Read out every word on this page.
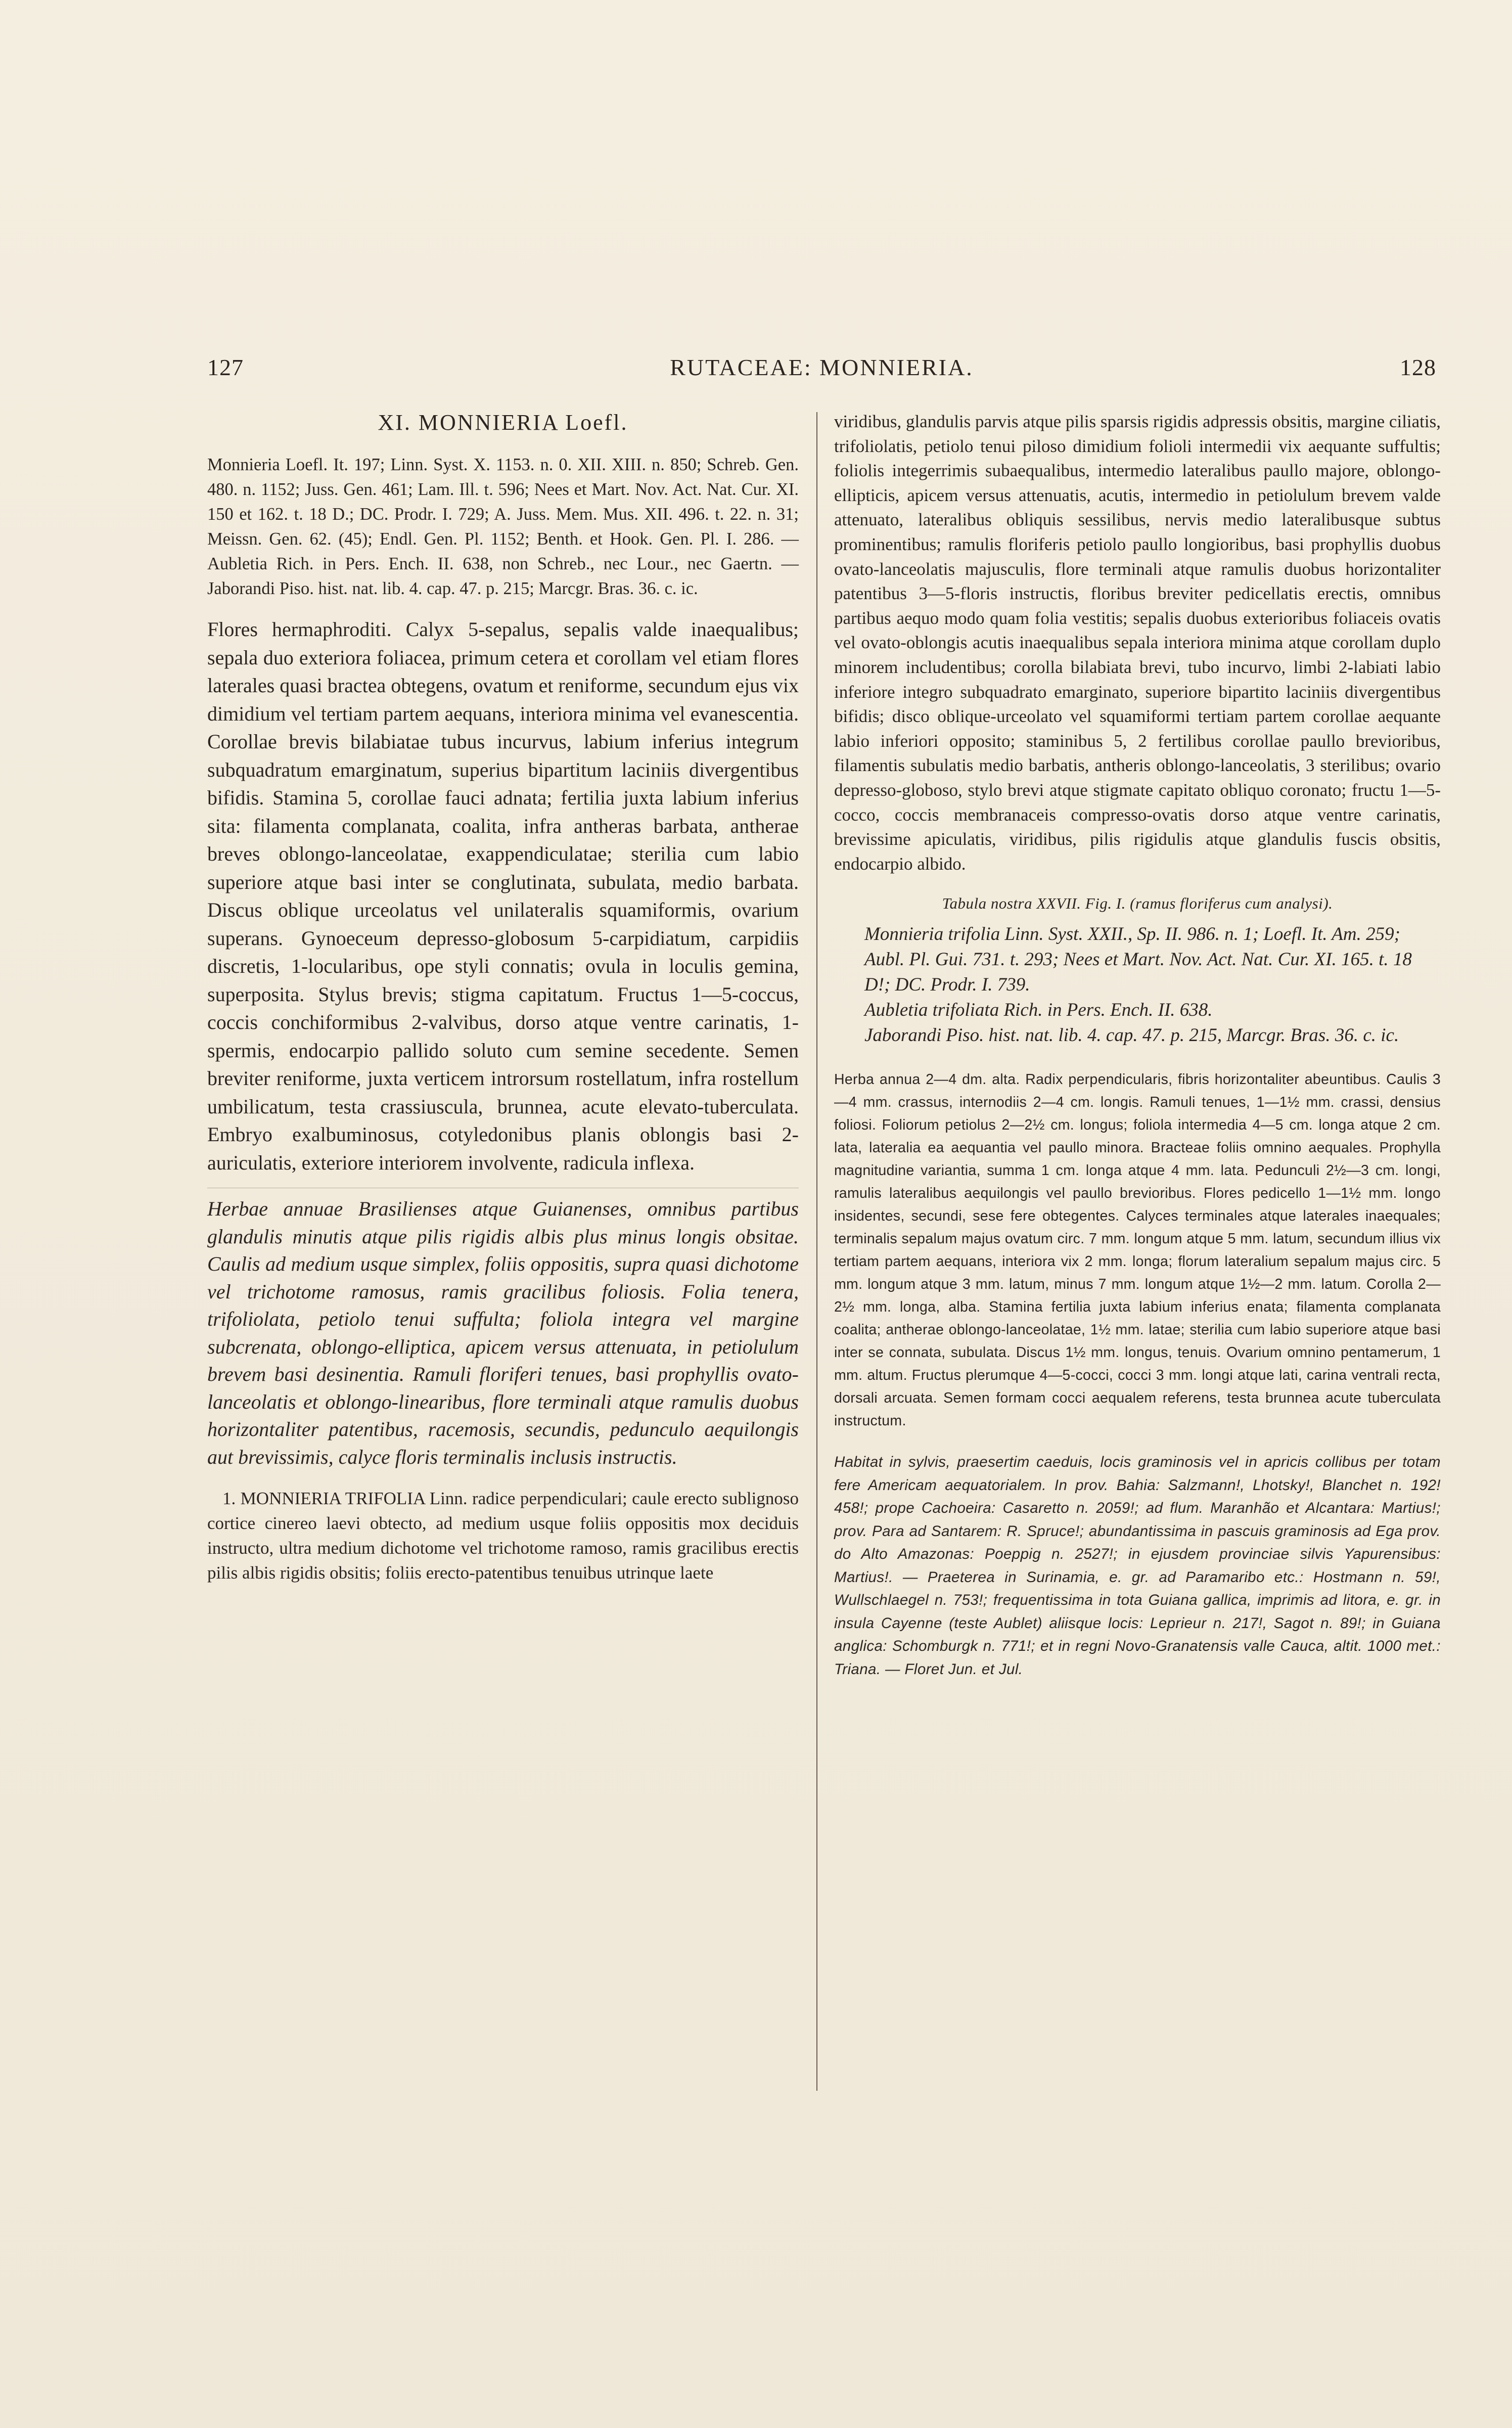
127	RUTACEAE: MONNIERIA.	128
XI. MONNIERIA Loefl.

Monnieria Loefl. It. 197; Linn. Syst. X. 1153. n. 0. XII. XIII. n. 850; Schreb. Gen. 480. n. 1152; Juss. Gen. 461; Lam. Ill. t. 596; Nees et Mart. Nov. Act. Nat. Cur. XI. 150 et 162. t. 18 D.; DC. Prodr. I. 729; A. Juss. Mem. Mus. XII. 496. t. 22. n. 31; Meissn. Gen. 62. (45); Endl. Gen. Pl. 1152; Benth. et Hook. Gen. Pl. I. 286. — Aubletia Rich. in Pers. Ench. II. 638, non Schreb., nec Lour., nec Gaertn. — Jaborandi Piso. hist. nat. lib. 4. cap. 47. p. 215; Marcgr. Bras. 36. c. ic.

Flores hermaphroditi. Calyx 5-sepalus, sepalis valde inaequalibus; sepala duo exteriora foliacea, primum cetera et corollam vel etiam flores laterales quasi bractea obtegens, ovatum et reniforme, secundum ejus vix dimidium vel tertiam partem aequans, interiora minima vel evanescentia. Corollae brevis bilabiatae tubus incurvus, labium inferius integrum subquadratum emarginatum, superius bipartitum laciniis divergentibus bifidis. Stamina 5, corollae fauci adnata; fertilia juxta labium inferius sita: filamenta complanata, coalita, infra antheras barbata, antherae breves oblongo-lanceolatae, exappendiculatae; sterilia cum labio superiore atque basi inter se conglutinata, subulata, medio barbata. Discus oblique urceolatus vel unilateralis squamiformis, ovarium superans. Gynoeceum depresso-globosum 5-carpidiatum, carpidiis discretis, 1-locularibus, ope styli connatis; ovula in loculis gemina, superposita. Stylus brevis; stigma capitatum. Fructus 1—5-coccus, coccis conchiformibus 2-valvibus, dorso atque ventre carinatis, 1-spermis, endocarpio pallido soluto cum semine secedente. Semen breviter reniforme, juxta verticem introrsum rostellatum, infra rostellum umbilicatum, testa crassiuscula, brunnea, acute elevato-tuberculata. Embryo exalbuminosus, cotyledonibus planis oblongis basi 2-auriculatis, exteriore interiorem involvente, radicula inflexa.

Herbae annuae Brasilienses atque Guianenses, omnibus partibus glandulis minutis atque pilis rigidis albis plus minus longis obsitae. Caulis ad medium usque simplex, foliis oppositis, supra quasi dichotome vel trichotome ramosus, ramis gracilibus foliosis. Folia tenera, trifoliolata, petiolo tenui suffulta; foliola integra vel margine subcrenata, oblongo-elliptica, apicem versus attenuata, in petiolulum brevem basi desinentia. Ramuli floriferi tenues, basi prophyllis ovato-lanceolatis et oblongo-linearibus, flore terminali atque ramulis duobus horizontaliter patentibus, racemosis, secundis, pedunculo aequilongis aut brevissimis, calyce floris terminalis inclusis instructis.

1. MONNIERIA TRIFOLIA Linn. radice perpendiculari; caule erecto sublignoso cortice cinereo laevi obtecto, ad medium usque foliis oppositis mox deciduis instructo, ultra medium dichotome vel trichotome ramoso, ramis gracilibus erectis pilis albis rigidis obsitis; foliis erecto-patentibus tenuibus utrinque laete

viridibus, glandulis parvis atque pilis sparsis rigidis adpressis obsitis, margine ciliatis, trifoliolatis, petiolo tenui piloso dimidium folioli intermedii vix aequante suffultis; foliolis integerrimis subaequalibus, intermedio lateralibus paullo majore, oblongo-ellipticis, apicem versus attenuatis, acutis, intermedio in petiolulum brevem valde attenuato, lateralibus obliquis sessilibus, nervis medio lateralibusque subtus prominentibus; ramulis floriferis petiolo paullo longioribus, basi prophyllis duobus ovato-lanceolatis majusculis, flore terminali atque ramulis duobus horizontaliter patentibus 3—5-floris instructis, floribus breviter pedicellatis erectis, omnibus partibus aequo modo quam folia vestitis; sepalis duobus exterioribus foliaceis ovatis vel ovato-oblongis acutis inaequalibus sepala interiora minima atque corollam duplo minorem includentibus; corolla bilabiata brevi, tubo incurvo, limbi 2-labiati labio inferiore integro subquadrato emarginato, superiore bipartito laciniis divergentibus bifidis; disco oblique-urceolato vel squamiformi tertiam partem corollae aequante labio inferiori opposito; staminibus 5, 2 fertilibus corollae paullo brevioribus, filamentis subulatis medio barbatis, antheris oblongo-lanceolatis, 3 sterilibus; ovario depresso-globoso, stylo brevi atque stigmate capitato obliquo coronato; fructu 1—5-cocco, coccis membranaceis compresso-ovatis dorso atque ventre carinatis, brevissime apiculatis, viridibus, pilis rigidulis atque glandulis fuscis obsitis, endocarpio albido.

Tabula nostra XXVII. Fig. I. (ramus floriferus cum analysi).
Monnieria trifolia Linn. Syst. XXII., Sp. II. 986. n. 1; Loefl. It. Am. 259; Aubl. Pl. Gui. 731. t. 293; Nees et Mart. Nov. Act. Nat. Cur. XI. 165. t. 18 D!; DC. Prodr. I. 739.
Aubletia trifoliata Rich. in Pers. Ench. II. 638.
Jaborandi Piso. hist. nat. lib. 4. cap. 47. p. 215, Marcgr. Bras. 36. c. ic.

Herba annua 2—4 dm. alta. Radix perpendicularis, fibris horizontaliter abeuntibus. Caulis 3—4 mm. crassus, internodiis 2—4 cm. longis. Ramuli tenues, 1—1½ mm. crassi, densius foliosi. Foliorum petiolus 2—2½ cm. longus; foliola intermedia 4—5 cm. longa atque 2 cm. lata, lateralia ea aequantia vel paullo minora. Bracteae foliis omnino aequales. Prophylla magnitudine variantia, summa 1 cm. longa atque 4 mm. lata. Pedunculi 2½—3 cm. longi, ramulis lateralibus aequilongis vel paullo brevioribus. Flores pedicello 1—1½ mm. longo insidentes, secundi, sese fere obtegentes. Calyces terminales atque laterales inaequales; terminalis sepalum majus ovatum circ. 7 mm. longum atque 5 mm. latum, secundum illius vix tertiam partem aequans, interiora vix 2 mm. longa; florum lateralium sepalum majus circ. 5 mm. longum atque 3 mm. latum, minus 7 mm. longum atque 1½—2 mm. latum. Corolla 2—2½ mm. longa, alba. Stamina fertilia juxta labium inferius enata; filamenta complanata coalita; antherae oblongo-lanceolatae, 1½ mm. latae; sterilia cum labio superiore atque basi inter se connata, subulata. Discus 1½ mm. longus, tenuis. Ovarium omnino pentamerum, 1 mm. altum. Fructus plerumque 4—5-cocci, cocci 3 mm. longi atque lati, carina ventrali recta, dorsali arcuata. Semen formam cocci aequalem referens, testa brunnea acute tuberculata instructum.

Habitat in sylvis, praesertim caeduis, locis graminosis vel in apricis collibus per totam fere Americam aequatorialem. In prov. Bahia: Salzmann!, Lhotsky!, Blanchet n. 192! 458!; prope Cachoeira: Casaretto n. 2059!; ad flum. Maranhão et Alcantara: Martius!; prov. Para ad Santarem: R. Spruce!; abundantissima in pascuis graminosis ad Ega prov. do Alto Amazonas: Poeppig n. 2527!; in ejusdem provinciae silvis Yapurensibus: Martius!. — Praeterea in Surinamia, e. gr. ad Paramaribo etc.: Hostmann n. 59!, Wullschlaegel n. 753!; frequentissima in tota Guiana gallica, imprimis ad litora, e. gr. in insula Cayenne (teste Aublet) aliisque locis: Leprieur n. 217!, Sagot n. 89!; in Guiana anglica: Schomburgk n. 771!; et in regni Novo-Granatensis valle Cauca, altit. 1000 met.: Triana. — Floret Jun. et Jul.
